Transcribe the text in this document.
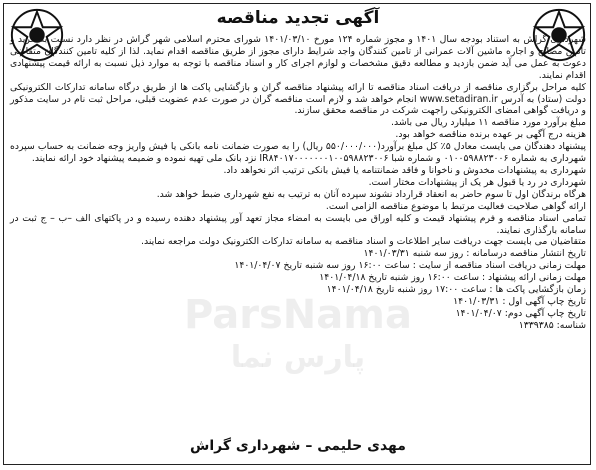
آگهی تجدید مناقصه
ParsNama
پارس نما

شهرداری گراش به استناد بودجه سال ۱۴۰۱ و مجوز شماره ۱۲۴ مورخ ۱۴۰۱/۰۳/۱۰ شورای محترم اسلامی شهر گراش در نظر دارد نسبت به خرید و تامین مصالح و اجاره ماشین آلات عمرانی از تامین کنندگان واجد شرایط دارای مجوز از طریق مناقصه اقدام نماید. لذا از کلیه تامین کنندگان متقاضی دعوت به عمل می آید ضمن بازدید و مطالعه دقیق مشخصات و لوازم اجرای کار و اسناد مناقصه با توجه به موارد ذیل نسبت به ارائه قیمت پیشنهادی اقدام نمایند.

کلیه مراحل برگزاری مناقصه از دریافت اسناد مناقصه تا ارائه پیشنهاد مناقصه گران و بازگشایی پاکت ها از طریق درگاه سامانه تدارکات الکترونیکی دولت (ستاد) به آدرس www.setadiran.ir انجام خواهد شد و لازم است مناقصه گران در صورت عدم عضویت قبلی، مراحل ثبت نام در سایت مذکور و دریافت گواهی امضای الکترونیکی راجهت شرکت در مناقصه محقق سازند.

مبلغ برآورد مورد مناقصه ۱۱ میلیارد ریال می باشد.

هزینه درج آگهی بر عهده برنده مناقصه خواهد بود.

پیشنهاد دهندگان می بایست معادل ۵٪ کل مبلغ برآورد(۵۵۰/۰۰۰/۰۰۰ ریال) را به صورت ضمانت نامه بانکی یا فیش واریز وجه ضمانت به حساب سپرده شهرداری به شماره ۰۱۰۰۵۹۸۸۲۳۰۰۶ و شماره شبا IR۸۴۰۱۷۰۰۰۰۰۰۰۱۰۰۵۹۸۸۲۳۰۰۶ نزد بانک ملی تهیه نموده و ضمیمه پیشنهاد خود ارائه نمایند.

شهرداری به پیشنهادات مخدوش و ناخوانا و فاقد ضمانتنامه یا فیش بانکی ترتیب اثر نخواهد داد.

شهرداری در رد یا قبول هر یک از پیشنهادات مختار است.

هرگاه برندگان اول تا سوم حاضر به انعقاد قرارداد نشوند سپرده آنان به ترتیب به نفع شهرداری ضبط خواهد شد.

ارائه گواهی صلاحیت فعالیت مرتبط با موضوع مناقصه الزامی است.

تمامی اسناد مناقصه و فرم پیشنهاد قیمت و کلیه اوراق می بایست به امضاء مجاز تعهد آور پیشنهاد دهنده رسیده و در پاکتهای الف –ب – ج ثبت در سامانه بارگذاری نمایند.

متقاضیان می بایست جهت دریافت سایر اطلاعات و اسناد مناقصه به سامانه تدارکات الکترونیک دولت مراجعه نمایند.

تاریخ انتشار مناقصه درسامانه : روز سه شنبه ۱۴۰۱/۰۳/۳۱

مهلت زمانی دریافت اسناد مناقصه از سایت : ساعت ۱۶:۰۰ روز سه شنبه تاریخ ۱۴۰۱/۰۴/۰۷

مهلت زمانی ارائه پیشنهاد : ساعت ۱۶:۰۰ روز شنبه تاریخ ۱۴۰۱/۰۴/۱۸

زمان بازگشایی پاکت ها : ساعت ۱۷:۰۰ روز شنبه تاریخ ۱۴۰۱/۰۴/۱۸

تاریخ چاپ آگهی اول : ۱۴۰۱/۰۳/۳۱

تاریخ چاپ آگهی دوم: ۱۴۰۱/۰۴/۰۷

شناسه: ۱۳۳۹۳۸۵

مهدی حلیمی – شهرداری گراش
